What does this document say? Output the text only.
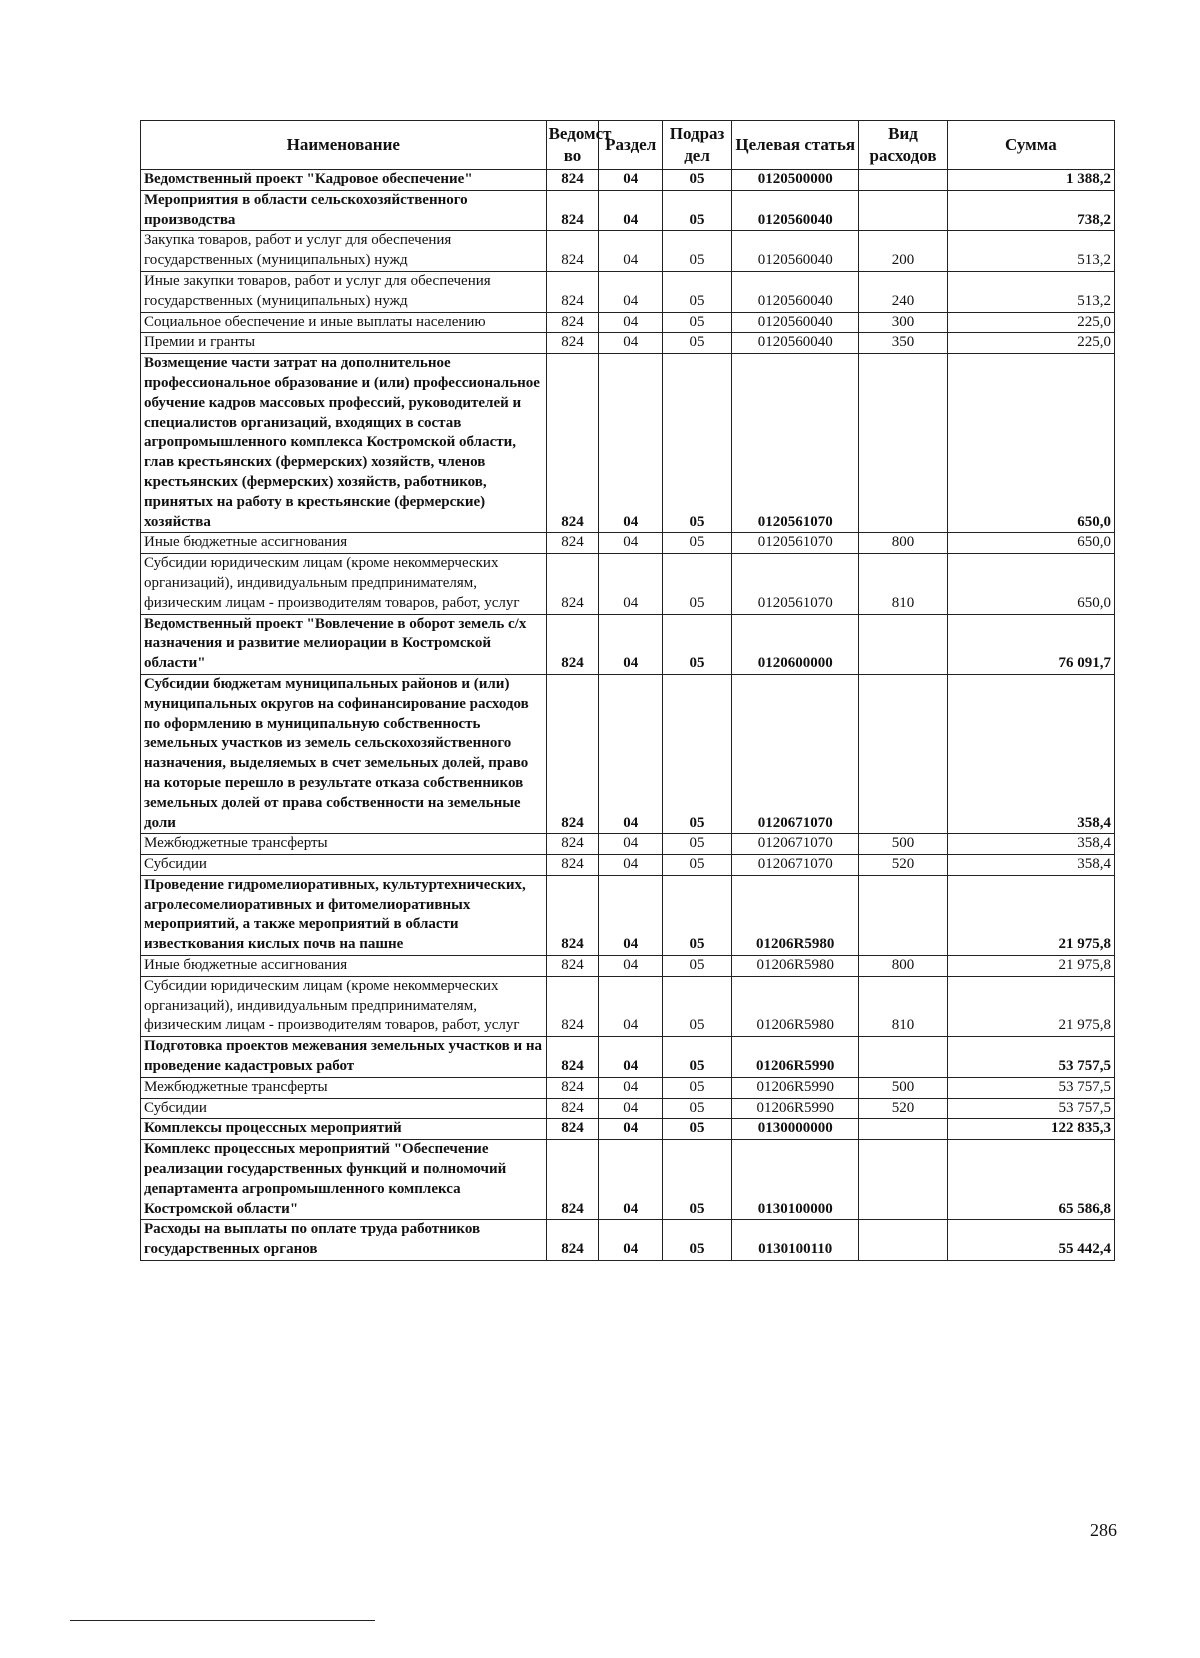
Наименование	Ведомст во	Раздел	Подраз дел	Целевая статья	Вид расходов	Сумма
Ведомственный проект "Кадровое обеспечение"	824	04	05	0120500000		1 388,2
Мероприятия в области сельскохозяйственного производства	824	04	05	0120560040		738,2
Закупка товаров, работ и услуг для обеспечения государственных (муниципальных) нужд	824	04	05	0120560040	200	513,2
Иные закупки товаров, работ и услуг для обеспечения государственных (муниципальных) нужд	824	04	05	0120560040	240	513,2
Социальное обеспечение и иные выплаты населению	824	04	05	0120560040	300	225,0
Премии и гранты	824	04	05	0120560040	350	225,0
Возмещение части затрат на дополнительное профессиональное образование и (или) профессиональное обучение кадров массовых профессий, руководителей и специалистов организаций, входящих в состав агропромышленного комплекса Костромской области, глав крестьянских (фермерских) хозяйств, членов крестьянских (фермерских) хозяйств, работников, принятых на работу в крестьянские (фермерские) хозяйства	824	04	05	0120561070		650,0
Иные бюджетные ассигнования	824	04	05	0120561070	800	650,0
Субсидии юридическим лицам (кроме некоммерческих организаций), индивидуальным предпринимателям, физическим лицам - производителям товаров, работ, услуг	824	04	05	0120561070	810	650,0
Ведомственный проект "Вовлечение в оборот земель с/х назначения и развитие мелиорации в Костромской области"	824	04	05	0120600000		76 091,7
Субсидии бюджетам муниципальных районов и (или) муниципальных округов на софинансирование расходов по оформлению в муниципальную собственность земельных участков из земель сельскохозяйственного назначения, выделяемых в счет земельных долей, право на которые перешло в результате отказа собственников земельных долей от права собственности на земельные доли	824	04	05	0120671070		358,4
Межбюджетные трансферты	824	04	05	0120671070	500	358,4
Субсидии	824	04	05	0120671070	520	358,4
Проведение гидромелиоративных, культуртехнических, агролесомелиоративных и фитомелиоративных мероприятий, а также мероприятий в области известкования кислых почв на пашне	824	04	05	01206R5980		21 975,8
Иные бюджетные ассигнования	824	04	05	01206R5980	800	21 975,8
Субсидии юридическим лицам (кроме некоммерческих организаций), индивидуальным предпринимателям, физическим лицам - производителям товаров, работ, услуг	824	04	05	01206R5980	810	21 975,8
Подготовка проектов межевания земельных участков и на проведение кадастровых работ	824	04	05	01206R5990		53 757,5
Межбюджетные трансферты	824	04	05	01206R5990	500	53 757,5
Субсидии	824	04	05	01206R5990	520	53 757,5
Комплексы процессных мероприятий	824	04	05	0130000000		122 835,3
Комплекс процессных мероприятий "Обеспечение реализации государственных функций и полномочий департамента агропромышленного комплекса Костромской области"	824	04	05	0130100000		65 586,8
Расходы на выплаты по оплате труда работников государственных органов	824	04	05	0130100110		55 442,4
286
